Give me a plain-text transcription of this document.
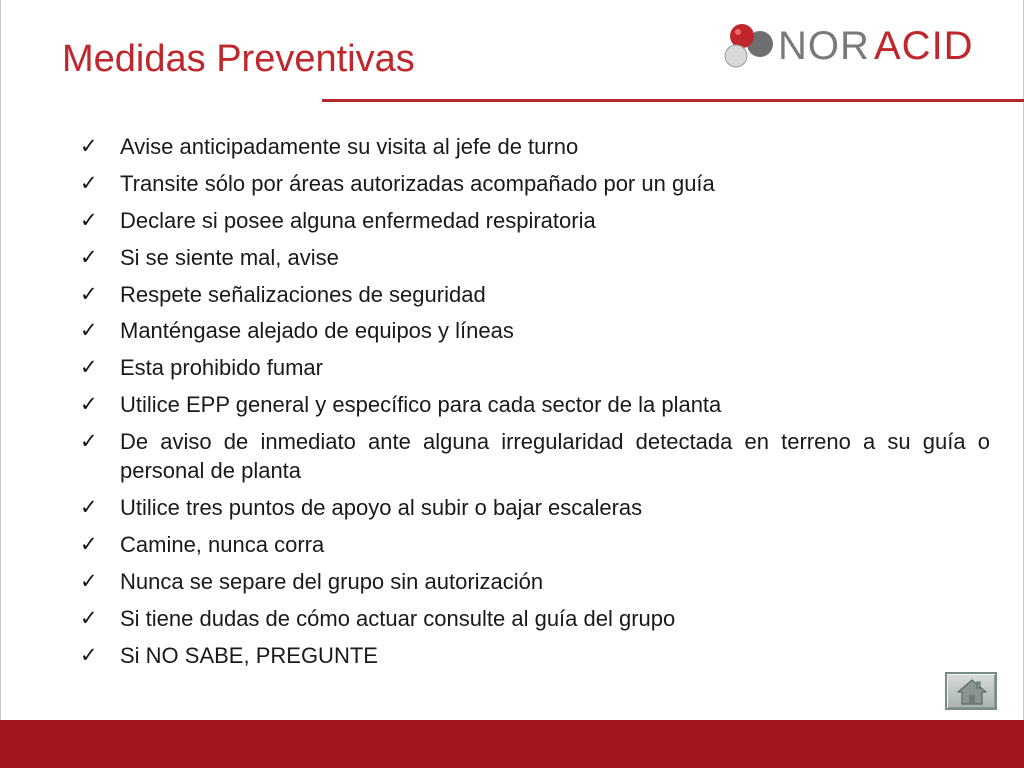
Medidas Preventivas	NOR ACID
✓ Avise anticipadamente su visita al jefe de turno
✓ Transite sólo por áreas autorizadas acompañado por un guía
✓ Declare si posee alguna enfermedad respiratoria
✓ Si se siente mal, avise
✓ Respete señalizaciones de seguridad
✓ Manténgase alejado de equipos y líneas
✓ Esta prohibido fumar
✓ Utilice EPP general y específico para cada sector de la planta
✓ De aviso de inmediato ante alguna irregularidad detectada en terreno a su guía o personal de planta
✓ Utilice tres puntos de apoyo al subir o bajar escaleras
✓ Camine, nunca corra
✓ Nunca se separe del grupo sin autorización
✓ Si tiene dudas de cómo actuar consulte al guía del grupo
✓ Si NO SABE, PREGUNTE
